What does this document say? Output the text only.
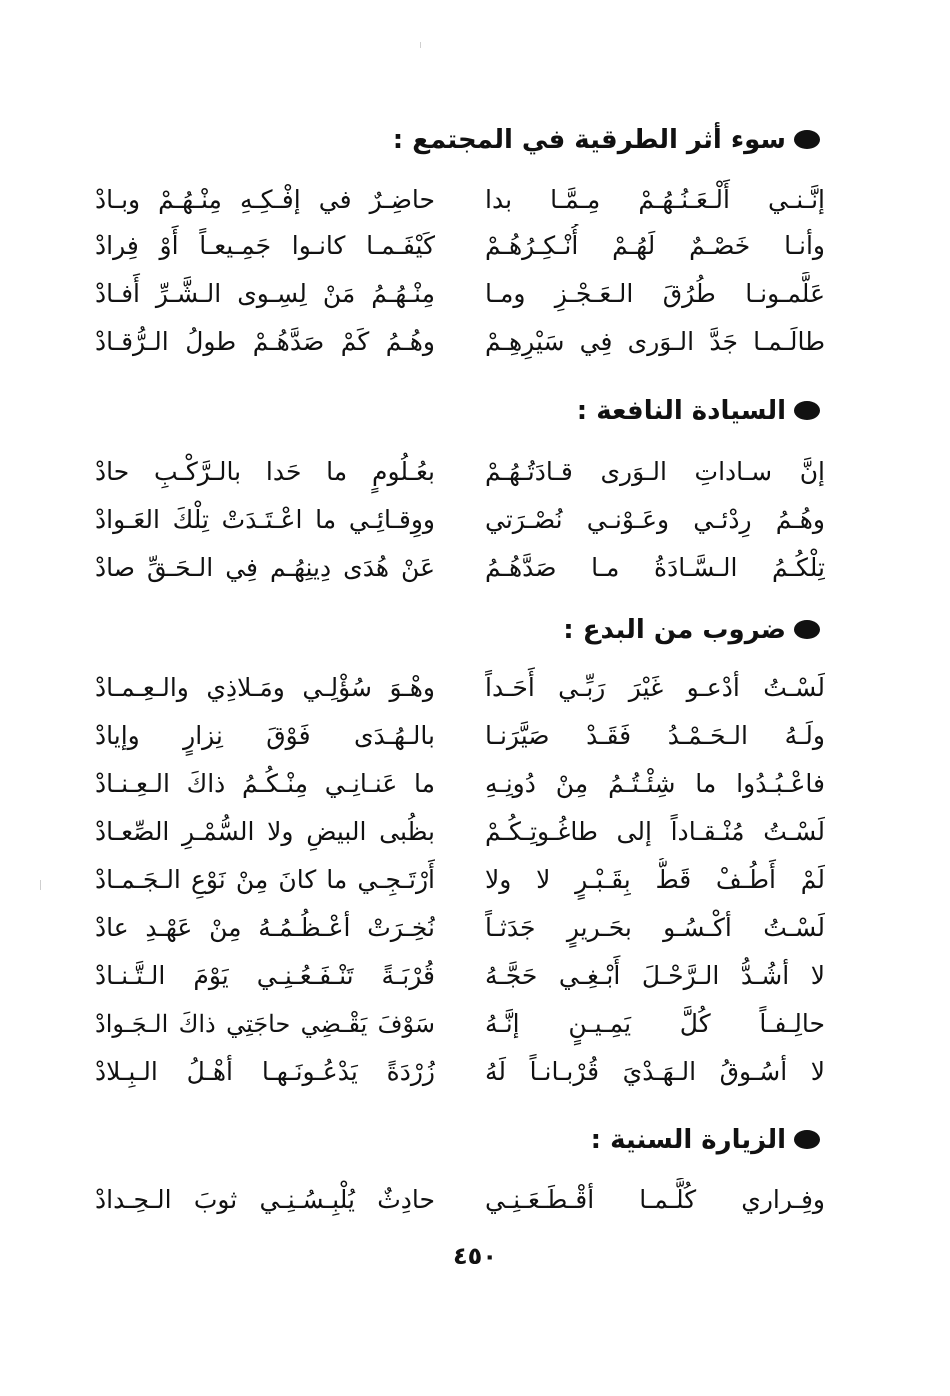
سوء أثر الطرقية في المجتمع :
إنَّـنـي أَلْـعَـنُـهُـمْ مِـمَّـا بدا
حاضِـرٌ في إفْـكِـهِ مِنْـهُـمْ وبـادْ
وأنـا خَصْـمٌ لَهُـمْ أُنْـكِـرُهُـمْ
كَيْفَـمـا كانـوا جَمِـيعـاً أَوْ فِرادْ
عَلَّمـونـا طُرُقَ الـعَـجْـزِ ومـا
مِنْـهُـمُ مَنْ لِسِـوى الـشَّـرِّ أَفـادْ
طالَـمـا جَدَّ الـوَرى فِي سَيْرِهِـمْ
وهُـمُ كَمْ صَدَّهُـمْ طولُ الـرُّقـادْ
السيادة النافعة :
إنَّ سـاداتِ الـوَرى قـادَتُـهُـمْ
بعُـلُومٍ ما حَدا بالـرَّكْـبِ حادْ
وهُـمُ رِدْئـي وعَـوْنـي نُصْـرَتي
ووِقـائِـي ما اعْـتَـدَتْ تِلْكَ العَـوادْ
تِلْكُـمُ الـسَّـادَةُ مـا صَدَّهُـمُ
عَنْ هُدَى دِينِهُـم فِي الـحَـقِّ صادْ
ضروب من البدع :
لَسْـتُ أدْعـو غَيْرَ رَبِّـي أَحَـداً
وهْـوَ سُؤْلِـي ومَـلاذِي والـعِـمـادْ
ولَـهُ الـحَـمْـدُ فَقَـدْ صَيَّرَنـا
بالـهُـدَى فَوْقَ نِزارٍ وإيادْ
فاعْـبُـدُوا ما شِئْـتُـمُ مِنْ دُونِـهِ
ما عَنـانِـي مِنْـكُـمُ ذاكَ الـعِـنـادْ
لَسْـتُ مُنْـقـاداً إلى طاغُـوتِـكُـمْ
بظُبى البيضِ ولا السُّمْـرِ الصِّعـادْ
لَمْ أَطُـفْ قَطُّ بِقَـبْـرٍ لا ولا
أَرْتَـجِـي ما كانَ مِنْ نَوْعِ الـجَـمـادْ
لَسْـتُ أكْـسُـو بحَـريرٍ جَدَثـاً
نُخِـرَتْ أعْـظُـمُـهُ مِنْ عَهْـدِ عادْ
لا أشُـدُّ الـرَّحْـلَ أَبْـغِـي حَجَّـهُ
قُرْبَـةً تَنْـفَـعُـنِـي يَوْمَ الـتَّـنـادْ
حالِـفـاً كُلَّ يَمِـيـنٍ إنَّـهُ
سَوْفَ يَقْـضِي حاجَتِي ذاكَ الـجَـوادْ
لا أسُـوقُ الـهَـدْيَ قُرْبـانـاً لَهُ
زُرْدَةً يَدْعُـونَـهـا أهْـلُ الـبِـلادْ
الزيارة السنية :
وفِـراري كُلَّـمـا أقْـطَـعَـنِـي
حادِثٌ يُلْبِـسُـنِـي ثوبَ الـحِـدادْ
٤٥٠
